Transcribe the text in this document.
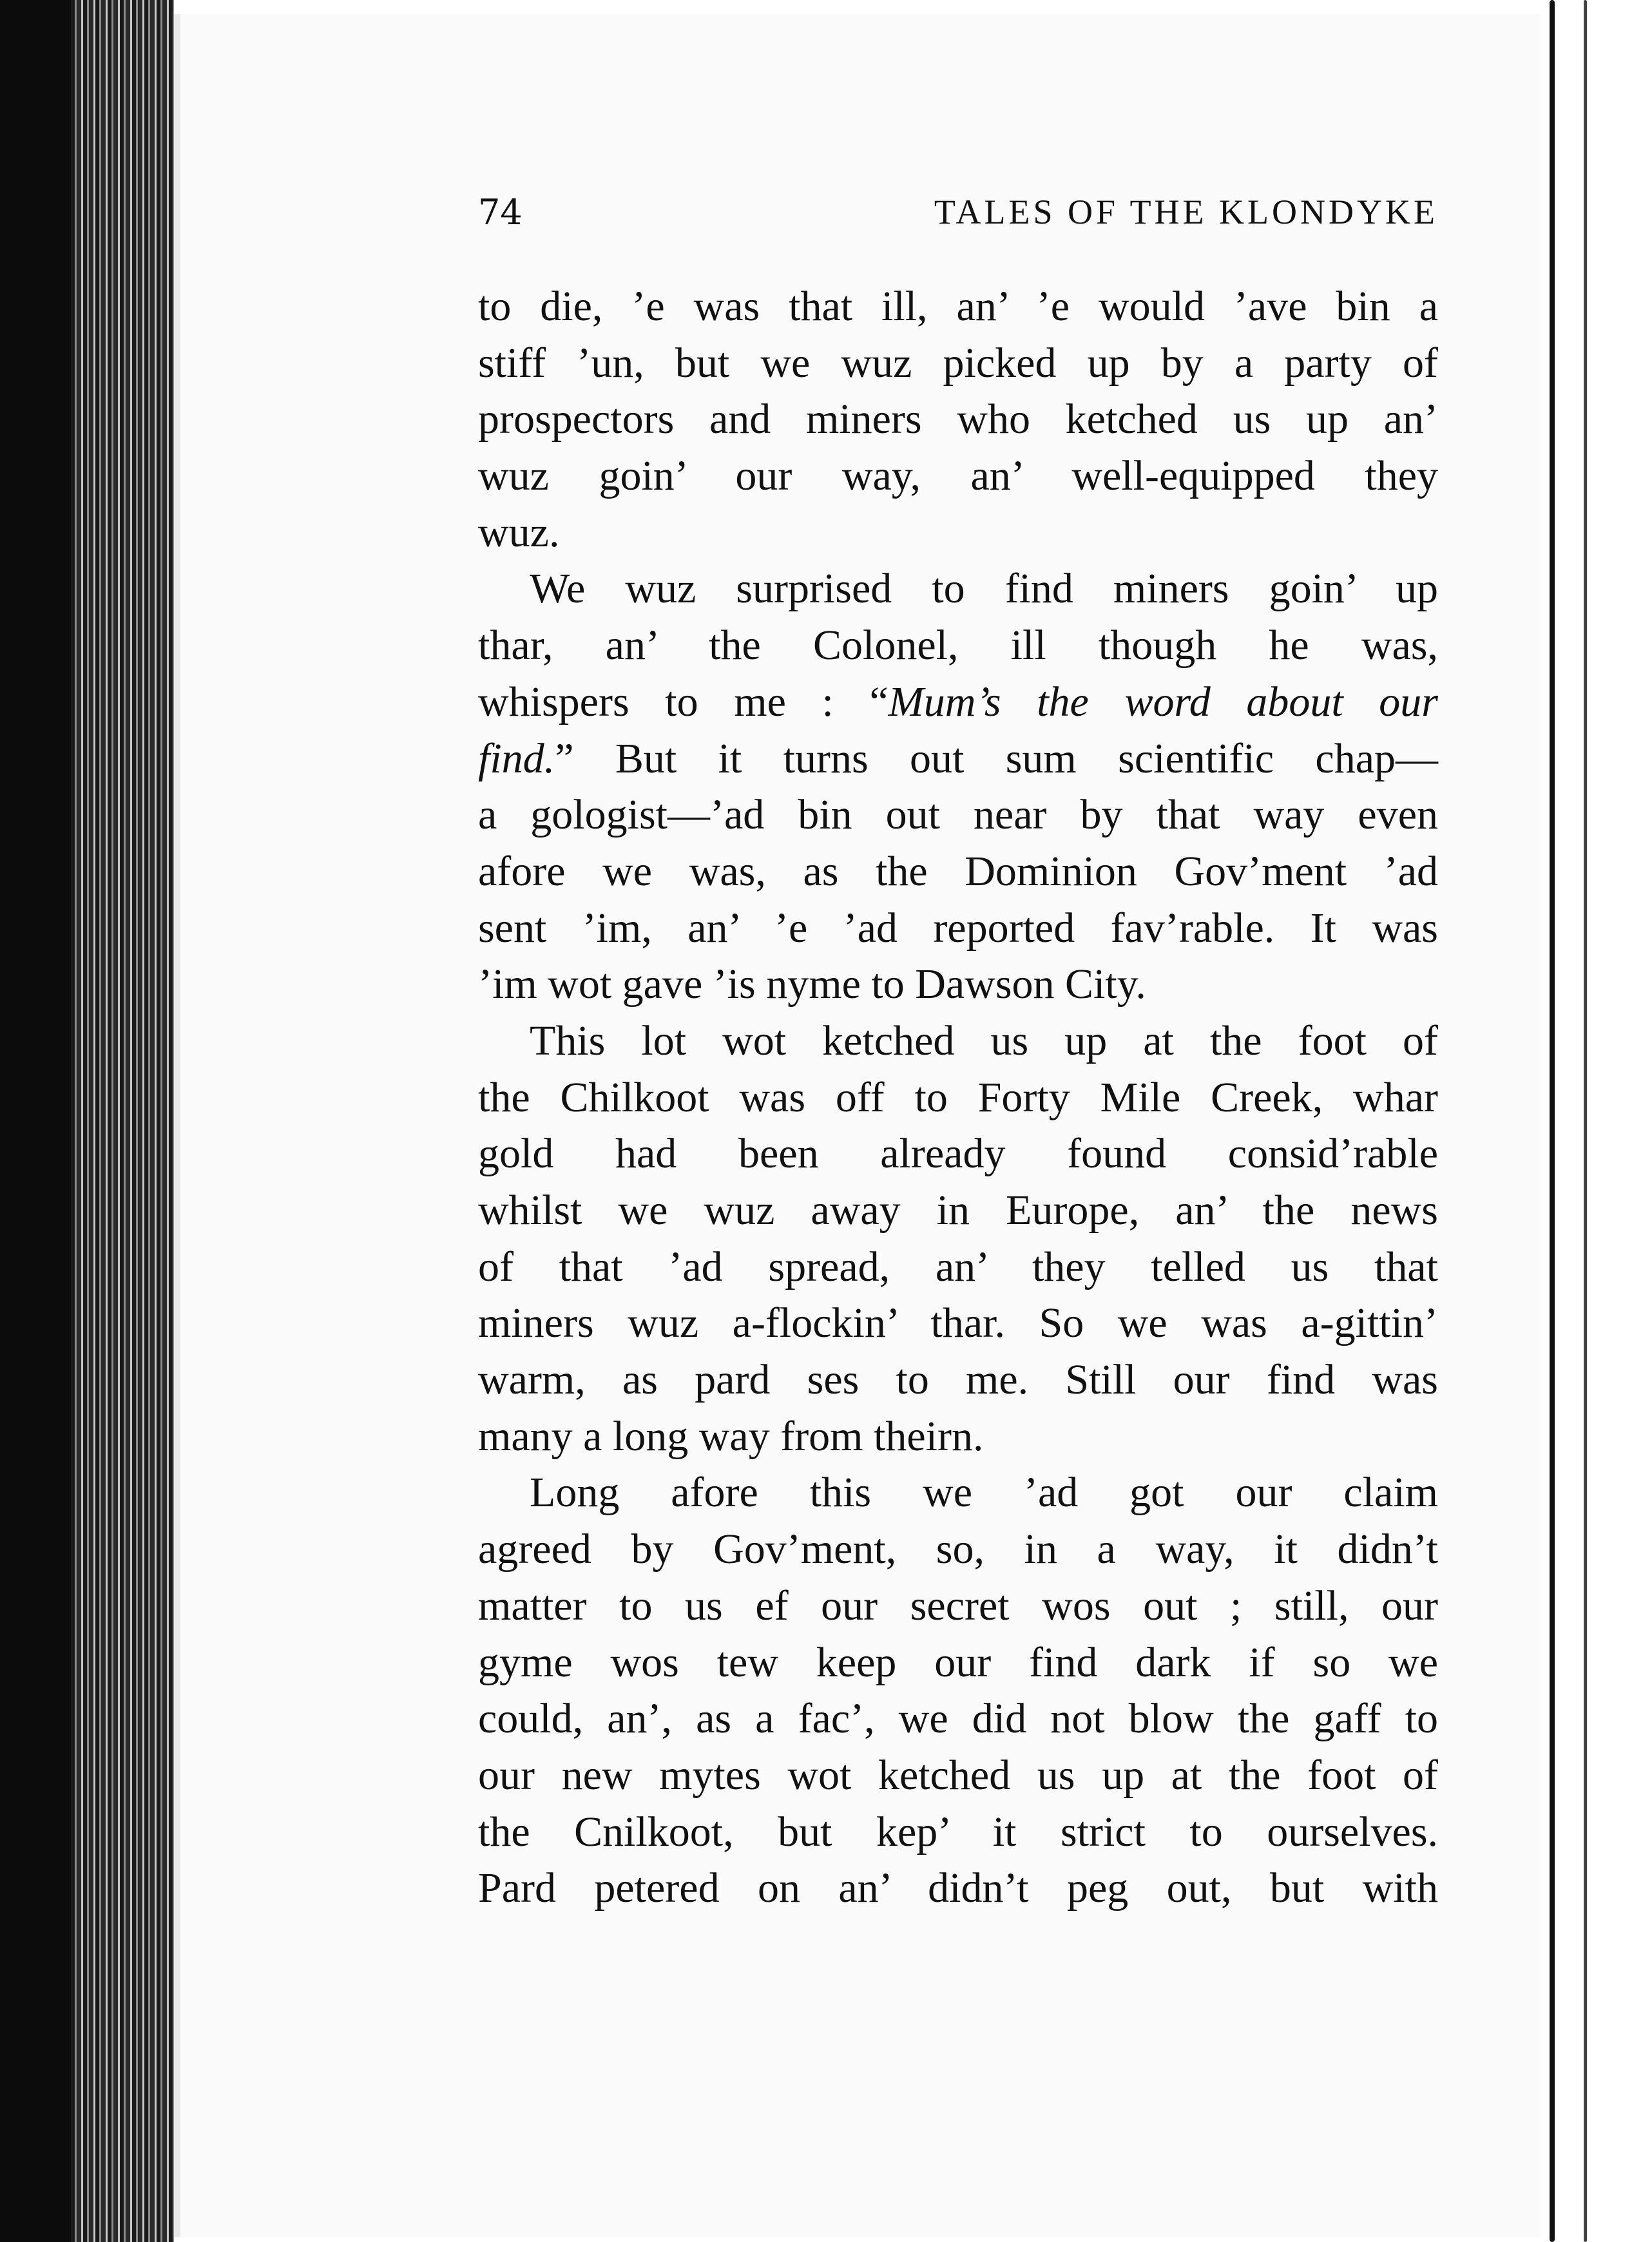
74	TALES OF THE KLONDYKE
to die, ’e was that ill, an’ ’e would ’ave bin a
stiff ’un, but we wuz picked up by a party of
prospectors and miners who ketched us up an’
wuz goin’ our way, an’ well-equipped they
wuz.
We wuz surprised to find miners goin’ up
thar, an’ the Colonel, ill though he was,
whispers to me : “Mum’s the word about our
find.” But it turns out sum scientific chap—
a gologist—’ad bin out near by that way even
afore we was, as the Dominion Gov’ment ’ad
sent ’im, an’ ’e ’ad reported fav’rable. It was
’im wot gave ’is nyme to Dawson City.
This lot wot ketched us up at the foot of
the Chilkoot was off to Forty Mile Creek, whar
gold had been already found consid’rable
whilst we wuz away in Europe, an’ the news
of that ’ad spread, an’ they telled us that
miners wuz a-flockin’ thar. So we was a-gittin’
warm, as pard ses to me. Still our find was
many a long way from theirn.
Long afore this we ’ad got our claim
agreed by Gov’ment, so, in a way, it didn’t
matter to us ef our secret wos out ; still, our
gyme wos tew keep our find dark if so we
could, an’, as a fac’, we did not blow the gaff to
our new mytes wot ketched us up at the foot of
the Cnilkoot, but kep’ it strict to ourselves.
Pard petered on an’ didn’t peg out, but with
